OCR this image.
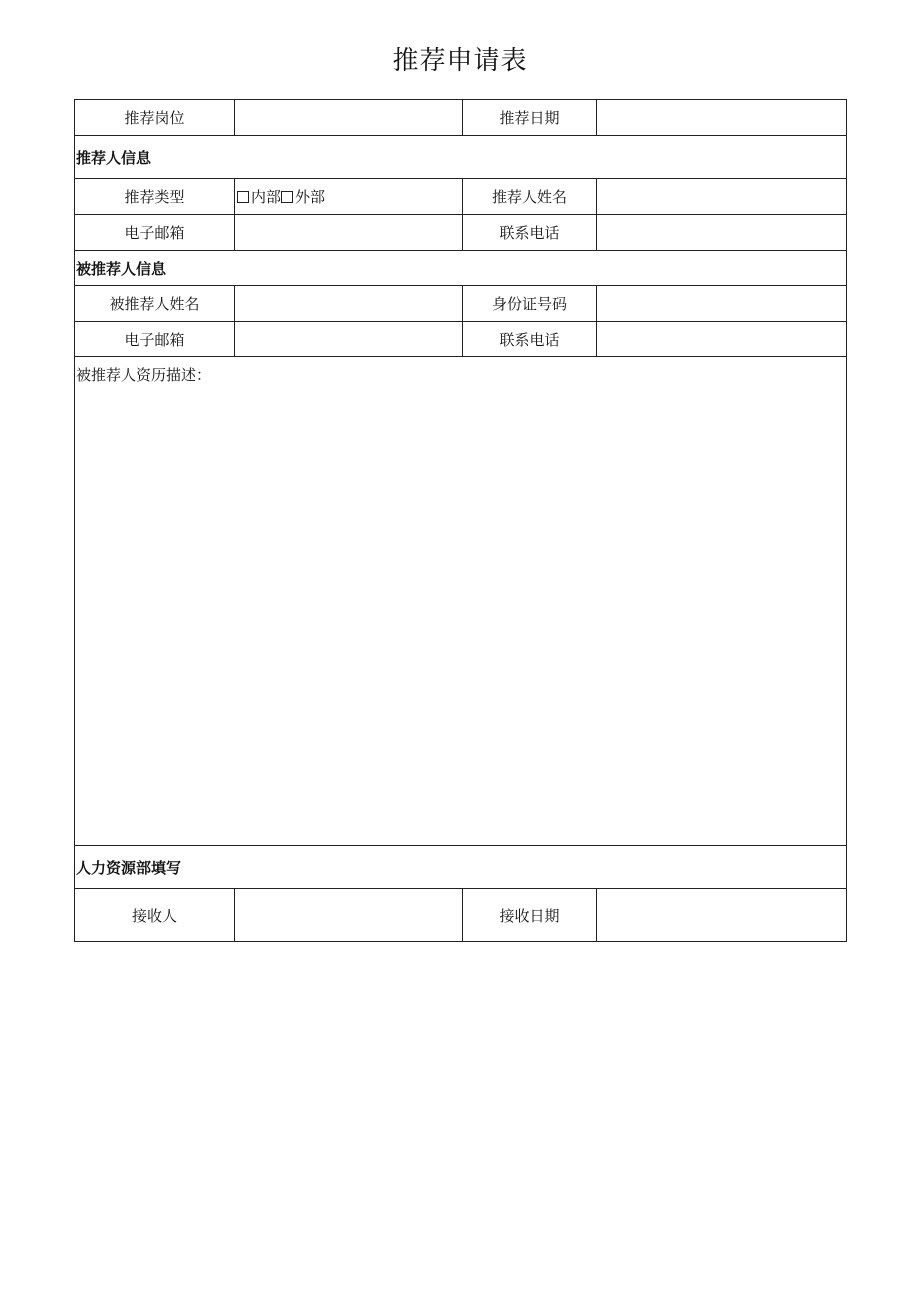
推荐申请表
推荐岗位		推荐日期	
推荐人信息			
推荐类型	内部 外部	推荐人姓名	
电子邮箱		联系电话	
被推荐人信息			
被推荐人姓名		身份证号码	
电子邮箱		联系电话	
被推荐人资历描述：			
人力资源部填写			
接收人		接收日期	
